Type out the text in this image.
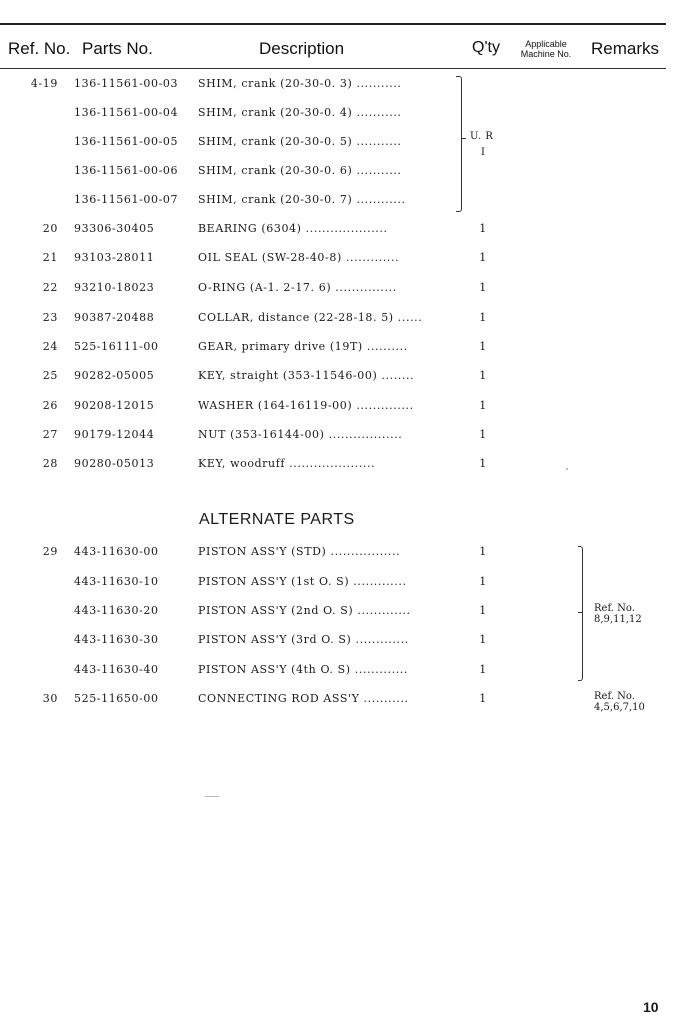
Ref. No. Parts No.	Description	Q'ty	Applicable
Machine No.	Remarks
4-19 136-11561-00-03 SHIM, crank (20-30-0. 3) ...........
136-11561-00-04 SHIM, crank (20-30-0. 4) ...........
136-11561-00-05 SHIM, crank (20-30-0. 5) ...........
136-11561-00-06 SHIM, crank (20-30-0. 6) ...........
136-11561-00-07 SHIM, crank (20-30-0. 7) ............
U. R
I
20 93306-30405	BEARING (6304) ....................	1
21 93103-28011	OIL SEAL (SW-28-40-8) .............	1
22 93210-18023	O-RING (A-1. 2-17. 6) ...............	1
23 90387-20488	COLLAR, distance (22-28-18. 5) ......	1
24 525-16111-00	GEAR, primary drive (19T) ..........	1
25 90282-05005	KEY, straight (353-11546-00) ........	1
26 90208-12015	WASHER (164-16119-00) ..............	1
27 90179-12044	NUT (353-16144-00) ..................	1
28 90280-05013	KEY, woodruff .....................	1
ALTERNATE PARTS
29 443-11630-00	PISTON ASS'Y (STD) .................	1
443-11630-10	PISTON ASS'Y (1st O. S) .............	1
443-11630-20	PISTON ASS'Y (2nd O. S) .............	1
443-11630-30	PISTON ASS'Y (3rd O. S) .............	1
443-11630-40	PISTON ASS'Y (4th O. S) .............	1
30 525-11650-00	CONNECTING ROD ASS'Y ...........	1
Ref. No.
8,9,11,12
Ref. No.
4,5,6,7,10
10
